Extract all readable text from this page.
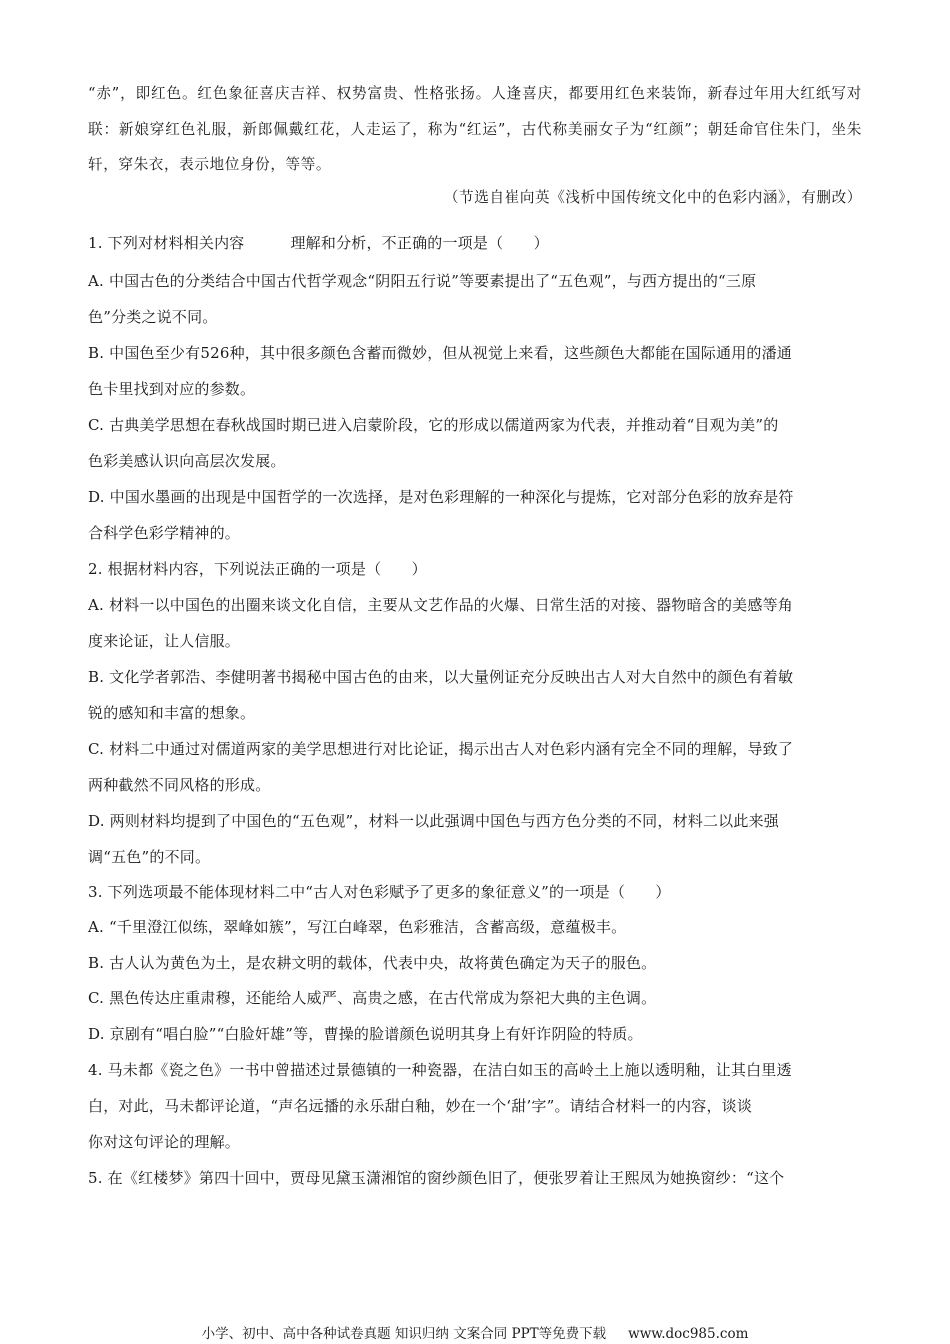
“赤”，即红色。红色象征喜庆吉祥、权势富贵、性格张扬。人逢喜庆，都要用红色来装饰，新春过年用大红纸写对联：新娘穿红色礼服，新郎佩戴红花，人走运了，称为“红运”，古代称美丽女子为“红颜”；朝廷命官住朱门，坐朱轩，穿朱衣，表示地位身份，等等。

（节选自崔向英《浅析中国传统文化中的色彩内涵》，有删改）

1. 下列对材料相关内容	理解和分析，不正确的一项是（　　）

A. 中国古色的分类结合中国古代哲学观念“阴阳五行说”等要素提出了“五色观”，与西方提出的“三原

色”分类之说不同。

B. 中国色至少有526种，其中很多颜色含蓄而微妙，但从视觉上来看，这些颜色大都能在国际通用的潘通

色卡里找到对应的参数。

C. 古典美学思想在春秋战国时期已进入启蒙阶段，它的形成以儒道两家为代表，并推动着“目观为美”的

色彩美感认识向高层次发展。

D. 中国水墨画的出现是中国哲学的一次选择，是对色彩理解的一种深化与提炼，它对部分色彩的放弃是符

合科学色彩学精神的。

2. 根据材料内容，下列说法正确的一项是（　　）

A. 材料一以中国色的出圈来谈文化自信，主要从文艺作品的火爆、日常生活的对接、器物暗含的美感等角

度来论证，让人信服。

B. 文化学者郭浩、李健明著书揭秘中国古色的由来，以大量例证充分反映出古人对大自然中的颜色有着敏

锐的感知和丰富的想象。

C. 材料二中通过对儒道两家的美学思想进行对比论证，揭示出古人对色彩内涵有完全不同的理解，导致了

两种截然不同风格的形成。

D. 两则材料均提到了中国色的“五色观”，材料一以此强调中国色与西方色分类的不同，材料二以此来强

调“五色”的不同。

3. 下列选项最不能体现材料二中“古人对色彩赋予了更多的象征意义”的一项是（　　）

A. “千里澄江似练，翠峰如簇”，写江白峰翠，色彩雅洁，含蓄高级，意蕴极丰。

B. 古人认为黄色为土，是农耕文明的载体，代表中央，故将黄色确定为天子的服色。

C. 黑色传达庄重肃穆，还能给人威严、高贵之感，在古代常成为祭祀大典的主色调。

D. 京剧有“唱白脸”“白脸奸雄”等，曹操的脸谱颜色说明其身上有奸诈阴险的特质。

4. 马未都《瓷之色》一书中曾描述过景德镇的一种瓷器，在洁白如玉的高岭土上施以透明釉，让其白里透

白，对此，马未都评论道，“声名远播的永乐甜白釉，妙在一个‘甜’字”。请结合材料一的内容，谈谈

你对这句评论的理解。

5. 在《红楼梦》第四十回中，贾母见黛玉潇湘馆的窗纱颜色旧了，便张罗着让王熙凤为她换窗纱：“这个

小学、初中、高中各种试卷真题 知识归纳 文案合同 PPT等免费下载 www.doc985.com
